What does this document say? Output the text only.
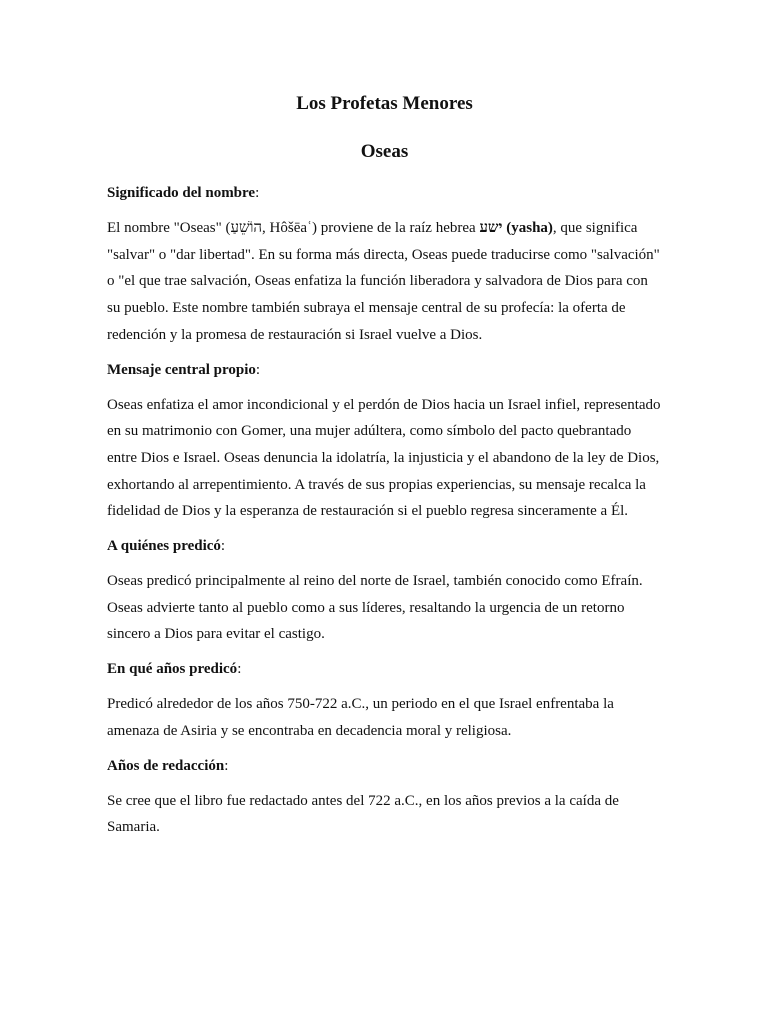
Los Profetas Menores
Oseas
Significado del nombre:

El nombre "Oseas" (הוֹשֵׁעַ, Hôšēaʿ) proviene de la raíz hebrea ישע (yasha), que significa "salvar" o "dar libertad". En su forma más directa, Oseas puede traducirse como "salvación" o "el que trae salvación, Oseas enfatiza la función liberadora y salvadora de Dios para con su pueblo. Este nombre también subraya el mensaje central de su profecía: la oferta de redención y la promesa de restauración si Israel vuelve a Dios.

Mensaje central propio:

Oseas enfatiza el amor incondicional y el perdón de Dios hacia un Israel infiel, representado en su matrimonio con Gomer, una mujer adúltera, como símbolo del pacto quebrantado entre Dios e Israel. Oseas denuncia la idolatría, la injusticia y el abandono de la ley de Dios, exhortando al arrepentimiento. A través de sus propias experiencias, su mensaje recalca la fidelidad de Dios y la esperanza de restauración si el pueblo regresa sinceramente a Él.

A quiénes predicó:

Oseas predicó principalmente al reino del norte de Israel, también conocido como Efraín. Oseas advierte tanto al pueblo como a sus líderes, resaltando la urgencia de un retorno sincero a Dios para evitar el castigo.

En qué años predicó:

Predicó alrededor de los años 750-722 a.C., un periodo en el que Israel enfrentaba la amenaza de Asiria y se encontraba en decadencia moral y religiosa.

Años de redacción:

Se cree que el libro fue redactado antes del 722 a.C., en los años previos a la caída de Samaria.
